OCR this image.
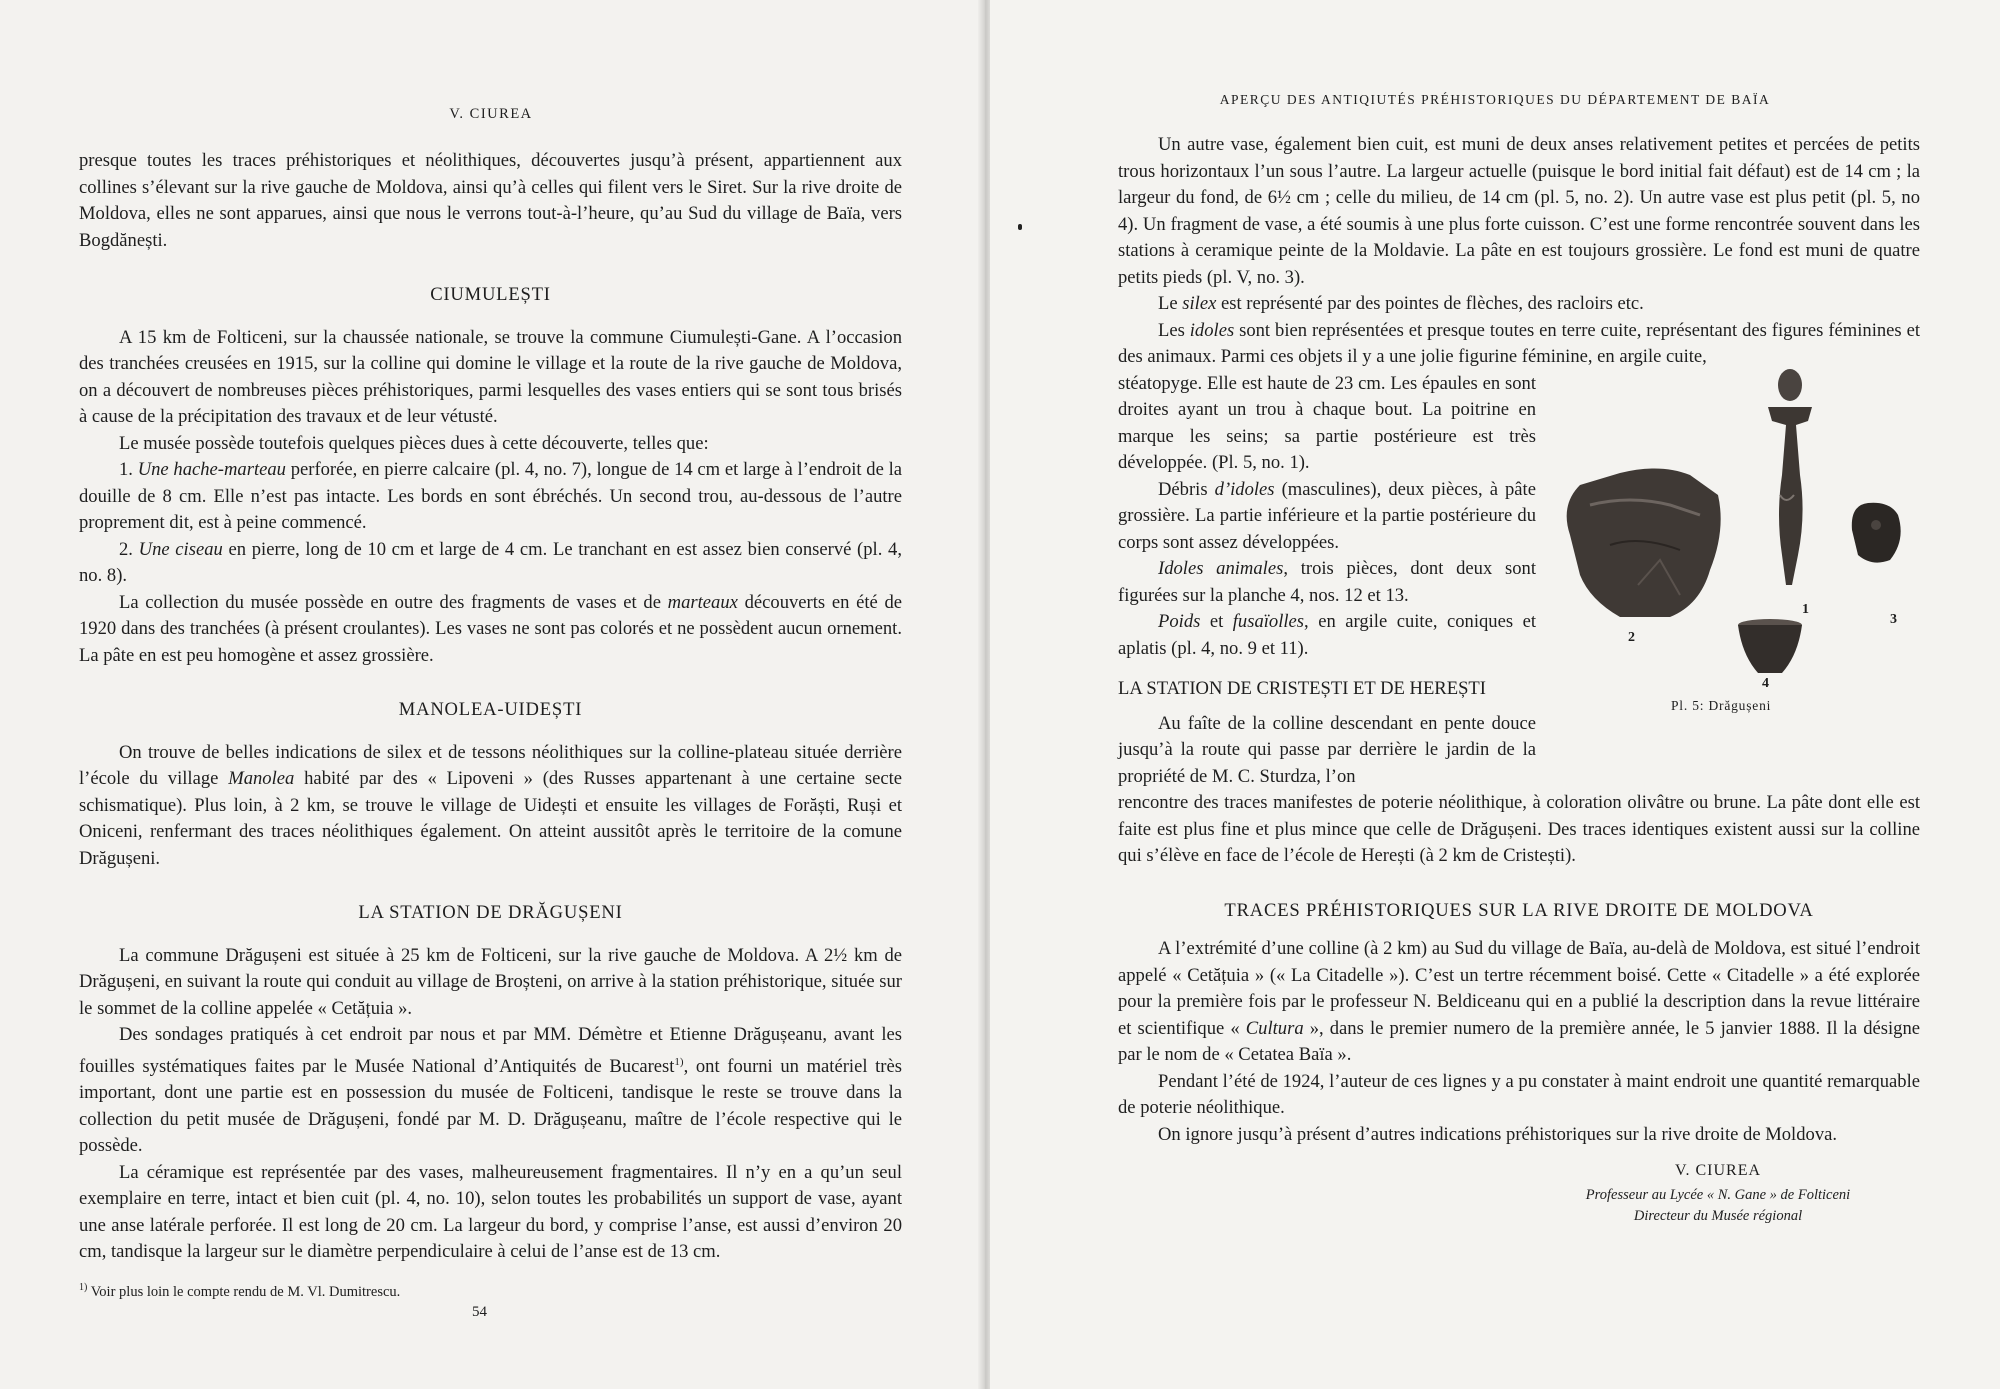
V. CIUREA

presque toutes les traces préhistoriques et néolithiques, découvertes jusqu’à présent, appartiennent aux collines s’élevant sur la rive gauche de Moldova, ainsi qu’à celles qui filent vers le Siret. Sur la rive droite de Moldova, elles ne sont apparues, ainsi que nous le verrons tout-à-l’heure, qu’au Sud du village de Baïa, vers Bogdănești.

CIUMULEȘTI

A 15 km de Folticeni, sur la chaussée nationale, se trouve la commune Ciumulești-Gane. A l’occasion des tranchées creusées en 1915, sur la colline qui domine le village et la route de la rive gauche de Moldova, on a découvert de nombreuses pièces préhistoriques, parmi lesquelles des vases entiers qui se sont tous brisés à cause de la précipitation des travaux et de leur vétusté.

Le musée possède toutefois quelques pièces dues à cette découverte, telles que:

1. Une hache-marteau perforée, en pierre calcaire (pl. 4, no. 7), longue de 14 cm et large à l’endroit de la douille de 8 cm. Elle n’est pas intacte. Les bords en sont ébréchés. Un second trou, au-dessous de l’autre proprement dit, est à peine commencé.

2. Une ciseau en pierre, long de 10 cm et large de 4 cm. Le tranchant en est assez bien conservé (pl. 4, no. 8).

La collection du musée possède en outre des fragments de vases et de marteaux découverts en été de 1920 dans des tranchées (à présent croulantes). Les vases ne sont pas colorés et ne possèdent aucun ornement. La pâte en est peu homogène et assez grossière.

MANOLEA-UIDEȘTI

On trouve de belles indications de silex et de tessons néolithiques sur la colline-plateau située derrière l’école du village Manolea habité par des « Lipoveni » (des Russes appartenant à une certaine secte schismatique). Plus loin, à 2 km, se trouve le village de Uidești et ensuite les villages de Forăști, Ruși et Oniceni, renfermant des traces néolithiques également. On atteint aussitôt après le territoire de la comune Drăgușeni.

LA STATION DE DRĂGUȘENI

La commune Drăgușeni est située à 25 km de Folticeni, sur la rive gauche de Moldova. A 2½ km de Drăgușeni, en suivant la route qui conduit au village de Broșteni, on arrive à la station préhistorique, située sur le sommet de la colline appelée « Cetățuia ».

Des sondages pratiqués à cet endroit par nous et par MM. Démètre et Etienne Drăgușeanu, avant les fouilles systématiques faites par le Musée National d’Antiquités de Bucarest$^{1)}$, ont fourni un matériel très important, dont une partie est en possession du musée de Folticeni, tandisque le reste se trouve dans la collection du petit musée de Drăgușeni, fondé par M. D. Drăgușeanu, maître de l’école respective qui le possède.

La céramique est représentée par des vases, malheureusement fragmentaires. Il n’y en a qu’un seul exemplaire en terre, intact et bien cuit (pl. 4, no. 10), selon toutes les probabilités un support de vase, ayant une anse latérale perforée. Il est long de 20 cm. La largeur du bord, y comprise l’anse, est aussi d’environ 20 cm, tandisque la largeur sur le diamètre perpendiculaire à celui de l’anse est de 13 cm.

$^{1)}$ Voir plus loin le compte rendu de M. Vl. Dumitrescu.

54
APERÇU DES ANTIQIUTÉS PRÉHISTORIQUES DU DÉPARTEMENT DE BAÏA

Un autre vase, également bien cuit, est muni de deux anses relativement petites et percées de petits trous horizontaux l’un sous l’autre. La largeur actuelle (puisque le bord initial fait défaut) est de 14 cm ; la largeur du fond, de 6½ cm ; celle du milieu, de 14 cm (pl. 5, no. 2). Un autre vase est plus petit (pl. 5, no 4). Un fragment de vase, a été soumis à une plus forte cuisson. C’est une forme rencontrée souvent dans les stations à ceramique peinte de la Moldavie. La pâte en est toujours grossière. Le fond est muni de quatre petits pieds (pl. V, no. 3).

Le silex est représenté par des pointes de flèches, des racloirs etc.

Les idoles sont bien représentées et presque toutes en terre cuite, représentant des figures féminines et des animaux. Parmi ces objets il y a une jolie figurine féminine, en argile cuite,

stéatopyge. Elle est haute de 23 cm. Les épaules en sont droites ayant un trou à chaque bout. La poitrine en marque les seins; sa partie postérieure est très développée. (Pl. 5, no. 1).

Débris d’idoles (masculines), deux pièces, à pâte grossière. La partie inférieure et la partie postérieure du corps sont assez développées.

Idoles animales, trois pièces, dont deux sont figurées sur la planche 4, nos. 12 et 13.

Poids et fusaïolles, en argile cuite, coniques et aplatis (pl. 4, no. 9 et 11).

LA STATION DE CRISTEȘTI ET DE HEREȘTI

Au faîte de la colline descendant en pente douce jusqu’à la route qui passe par derrière le jardin de la propriété de M. C. Sturdza, l’on

rencontre des traces manifestes de poterie néolithique, à coloration olivâtre ou brune. La pâte dont elle est faite est plus fine et plus mince que celle de Drăgușeni. Des traces identiques existent aussi sur la colline qui s’élève en face de l’école de Herești (à 2 km de Cristești).

TRACES PRÉHISTORIQUES SUR LA RIVE DROITE DE MOLDOVA

A l’extrémité d’une colline (à 2 km) au Sud du village de Baïa, au-delà de Moldova, est situé l’endroit appelé « Cetățuia » (« La Citadelle »). C’est un tertre récemment boisé. Cette « Citadelle » a été explorée pour la première fois par le professeur N. Beldiceanu qui en a publié la description dans la revue littéraire et scientifique « Cultura », dans le premier numero de la première année, le 5 janvier 1888. Il la désigne par le nom de « Cetatea Baïa ».

Pendant l’été de 1924, l’auteur de ces lignes y a pu constater à maint endroit une quantité remarquable de poterie néolithique.

On ignore jusqu’à présent d’autres indications préhistoriques sur la rive droite de Moldova.

V. CIUREA
Professeur au Lycée « N. Gane » de Folticeni
Directeur du Musée régional
1
2
3
4
Pl. 5: Drăgușeni
